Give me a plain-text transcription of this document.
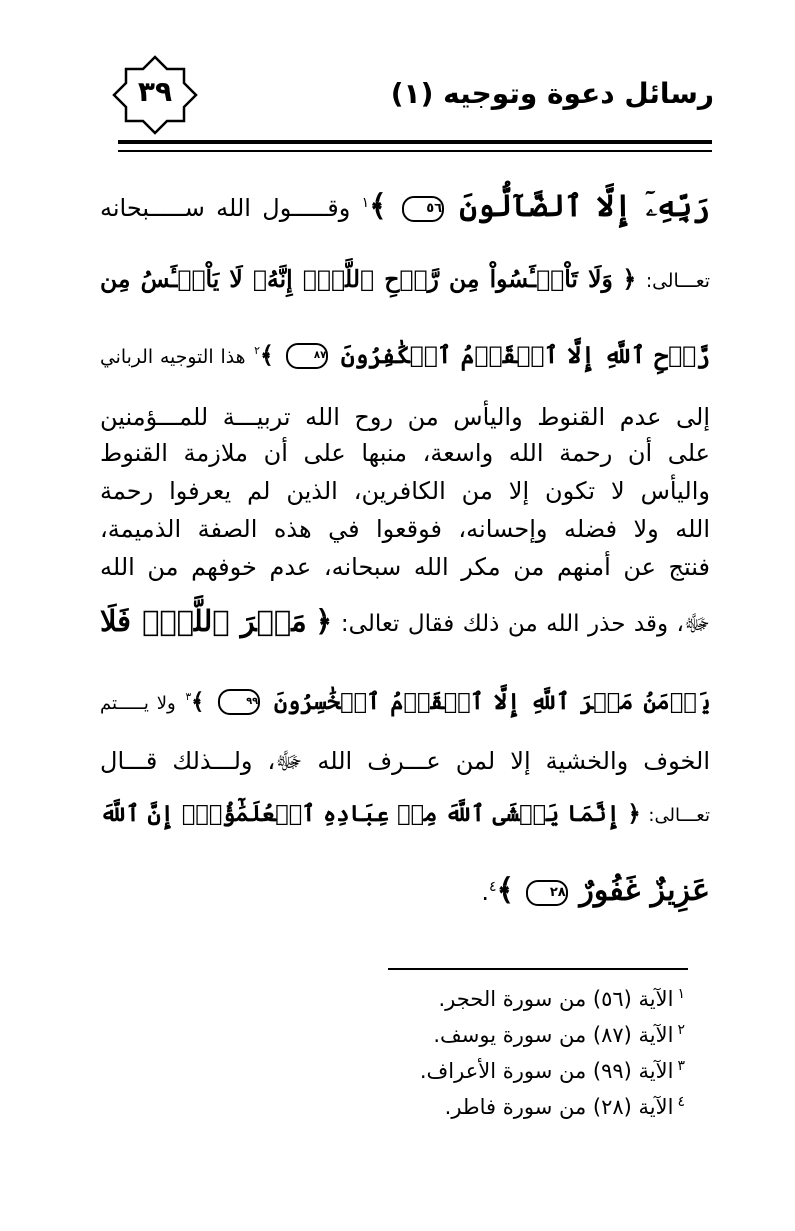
رسائل دعوة وتوجيه (١)
٣٩
رَبِّهِۦٓ إِلَّا ٱلضَّآلُّونَ ٥٦ ﴾$^١$ وقـــــول الله ســـــبحانه
تعـــالى: ﴿ وَلَا تَاْيۡـَٔسُواْ مِن رَّوۡحِ ٱللَّهِۖ إِنَّهُۥ لَا يَاْيۡـَٔسُ مِن
رَّوۡحِ ٱللَّهِ إِلَّا ٱلۡقَوۡمُ ٱلۡكَٰفِرُونَ ٨٧ ﴾$^٢$ هذا التوجيه الرباني
إلى عدم القنوط واليأس من روح الله تربيـــة للمـــؤمنين
على أن رحمة الله واسعة، منبها على أن ملازمة القنوط
واليأس لا تكون إلا من الكافرين، الذين لم يعرفوا رحمة
الله ولا فضله وإحسانه، فوقعوا في هذه الصفة الذميمة،
فنتج عن أمنهم من مكر الله سبحانه، عدم خوفهم من الله
ﷻ، وقد حذر الله من ذلك فقال تعالى: ﴿ مَكۡرَ ٱللَّهِۚ فَلَا
يَأۡمَنُ مَكۡرَ ٱللَّهِ إِلَّا ٱلۡقَوۡمُ ٱلۡخَٰسِرُونَ ٩٩ ﴾$^٣$ ولا يـــــتم
الخوف والخشية إلا لمن عـــرف الله ﷻ، ولـــذلك قـــال
تعـــالى: ﴿ إِنَّمَا يَخۡشَى ٱللَّهَ مِنۡ عِبَادِهِ ٱلۡعُلَمَٰٓؤُاْۗ إِنَّ ٱللَّهَ
عَزِيزٌ غَفُورٌ ٢٨ ﴾$^٤$.
$^١$الآية (٥٦) من سورة الحجر.
$^٢$الآية (٨٧) من سورة يوسف.
$^٣$الآية (٩٩) من سورة الأعراف.
$^٤$الآية (٢٨) من سورة فاطر.
